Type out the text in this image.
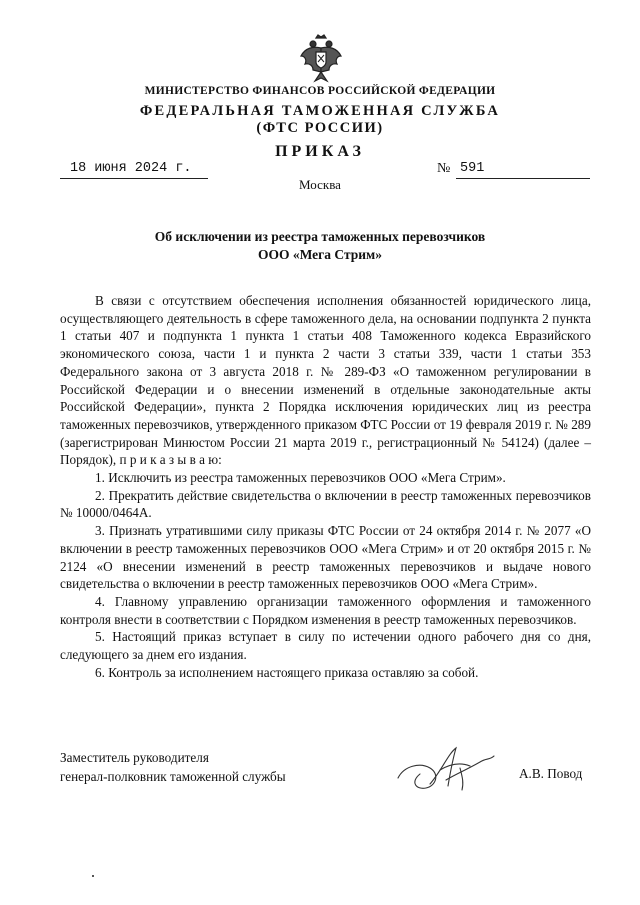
МИНИСТЕРСТВО ФИНАНСОВ РОССИЙСКОЙ ФЕДЕРАЦИИ
ФЕДЕРАЛЬНАЯ ТАМОЖЕННАЯ СЛУЖБА
(ФТС РОССИИ)
ПРИКАЗ
18 июня 2024 г.	№ 591
Москва
Об исключении из реестра таможенных перевозчиков
ООО «Мега Стрим»

В связи с отсутствием обеспечения исполнения обязанностей юридического лица, осуществляющего деятельность в сфере таможенного дела, на основании подпункта 2 пункта 1 статьи 407 и подпункта 1 пункта 1 статьи 408 Таможенного кодекса Евразийского экономического союза, части 1 и пункта 2 части 3 статьи 339, части 1 статьи 353 Федерального закона от 3 августа 2018 г. № 289-ФЗ «О таможенном регулировании в Российской Федерации и о внесении изменений в отдельные законодательные акты Российской Федерации», пункта 2 Порядка исключения юридических лиц из реестра таможенных перевозчиков, утвержденного приказом ФТС России от 19 февраля 2019 г. № 289 (зарегистрирован Минюстом России 21 марта 2019 г., регистрационный № 54124) (далее – Порядок), п р и к а з ы в а ю:

1. Исключить из реестра таможенных перевозчиков ООО «Мега Стрим».

2. Прекратить действие свидетельства о включении в реестр таможенных перевозчиков № 10000/0464А.

3. Признать утратившими силу приказы ФТС России от 24 октября 2014 г. № 2077 «О включении в реестр таможенных перевозчиков ООО «Мега Стрим» и от 20 октября 2015 г. № 2124 «О внесении изменений в реестр таможенных перевозчиков и выдаче нового свидетельства о включении в реестр таможенных перевозчиков ООО «Мега Стрим».

4. Главному управлению организации таможенного оформления и таможенного контроля внести в соответствии с Порядком изменения в реестр таможенных перевозчиков.

5. Настоящий приказ вступает в силу по истечении одного рабочего дня со дня, следующего за днем его издания.

6. Контроль за исполнением настоящего приказа оставляю за собой.

Заместитель руководителя
генерал-полковник таможенной службы	А.В. Повод
